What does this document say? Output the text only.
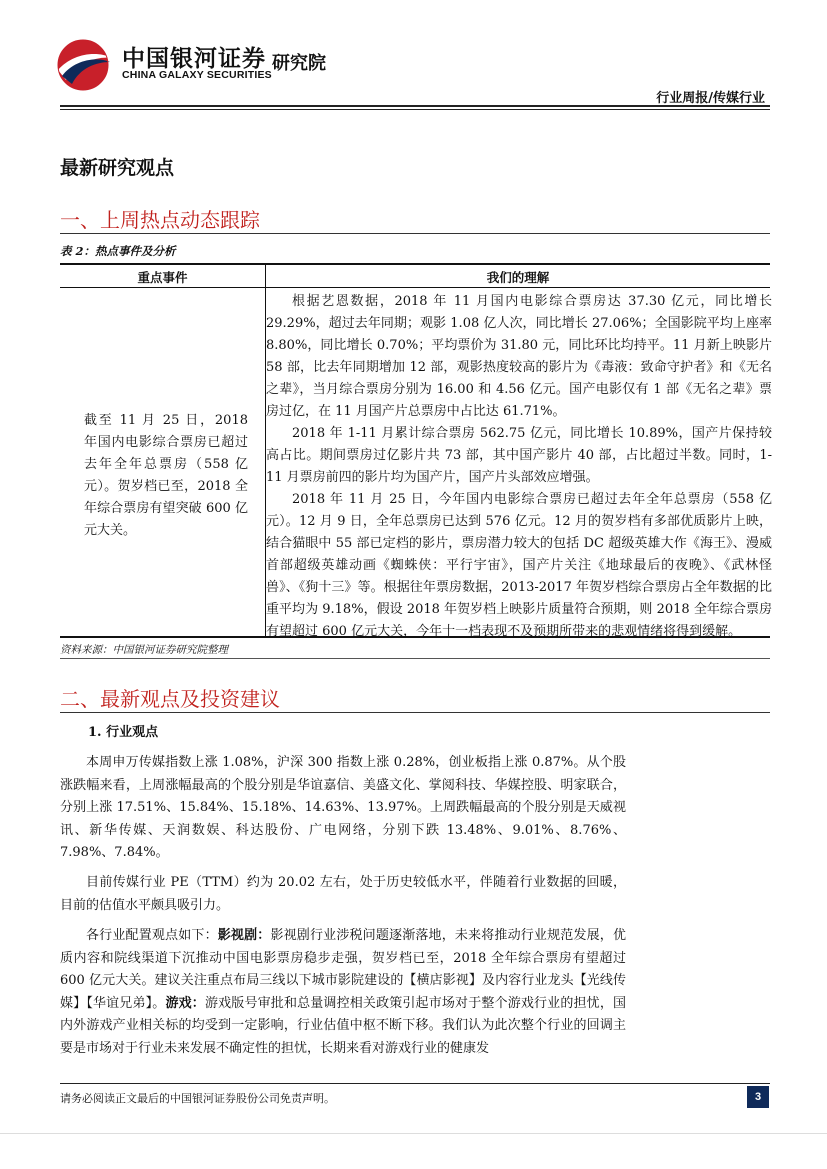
中国银河证券
CHINA GALAXY SECURITIES
研究院
行业周报/传媒行业
最新研究观点
一、上周热点动态跟踪
表 2：热点事件及分析
重点事件	我们的理解
截至 11 月 25 日，2018 年国内电影综合票房已超过去年全年总票房（558 亿元）。贺岁档已至，2018 全年综合票房有望突破 600 亿元大关。

根据艺恩数据，2018 年 11 月国内电影综合票房达 37.30 亿元，同比增长 29.29%，超过去年同期；观影 1.08 亿人次，同比增长 27.06%；全国影院平均上座率 8.80%，同比增长 0.70%；平均票价为 31.80 元，同比环比均持平。11 月新上映影片 58 部，比去年同期增加 12 部，观影热度较高的影片为《毒液：致命守护者》和《无名之辈》，当月综合票房分别为 16.00 和 4.56 亿元。国产电影仅有 1 部《无名之辈》票房过亿，在 11 月国产片总票房中占比达 61.71%。

2018 年 1-11 月累计综合票房 562.75 亿元，同比增长 10.89%，国产片保持较高占比。期间票房过亿影片共 73 部，其中国产影片 40 部，占比超过半数。同时，1-11 月票房前四的影片均为国产片，国产片头部效应增强。

2018 年 11 月 25 日，今年国内电影综合票房已超过去年全年总票房（558 亿元）。12 月 9 日，全年总票房已达到 576 亿元。12 月的贺岁档有多部优质影片上映，结合猫眼中 55 部已定档的影片，票房潜力较大的包括 DC 超级英雄大作《海王》、漫威首部超级英雄动画《蜘蛛侠：平行宇宙》，国产片关注《地球最后的夜晚》、《武林怪兽》、《狗十三》等。根据往年票房数据，2013-2017 年贺岁档综合票房占全年数据的比重平均为 9.18%，假设 2018 年贺岁档上映影片质量符合预期，则 2018 全年综合票房有望超过 600 亿元大关，今年十一档表现不及预期所带来的悲观情绪将得到缓解。

资料来源：中国银河证券研究院整理
二、最新观点及投资建议
1. 行业观点

本周申万传媒指数上涨 1.08%，沪深 300 指数上涨 0.28%，创业板指上涨 0.87%。从个股涨跌幅来看，上周涨幅最高的个股分别是华谊嘉信、美盛文化、掌阅科技、华媒控股、明家联合，分别上涨 17.51%、15.84%、15.18%、14.63%、13.97%。上周跌幅最高的个股分别是天威视讯、新华传媒、天润数娱、科达股份、广电网络，分别下跌 13.48%、9.01%、8.76%、7.98%、7.84%。

目前传媒行业 PE（TTM）约为 20.02 左右，处于历史较低水平，伴随着行业数据的回暖，目前的估值水平颇具吸引力。

各行业配置观点如下：影视剧：影视剧行业涉税问题逐渐落地，未来将推动行业规范发展，优质内容和院线渠道下沉推动中国电影票房稳步走强，贺岁档已至，2018 全年综合票房有望超过 600 亿元大关。建议关注重点布局三线以下城市影院建设的【横店影视】及内容行业龙头【光线传媒】【华谊兄弟】。游戏：游戏版号审批和总量调控相关政策引起市场对于整个游戏行业的担忧，国内外游戏产业相关标的均受到一定影响，行业估值中枢不断下移。我们认为此次整个行业的回调主要是市场对于行业未来发展不确定性的担忧，长期来看对游戏行业的健康发

请务必阅读正文最后的中国银河证券股份公司免责声明。	3
